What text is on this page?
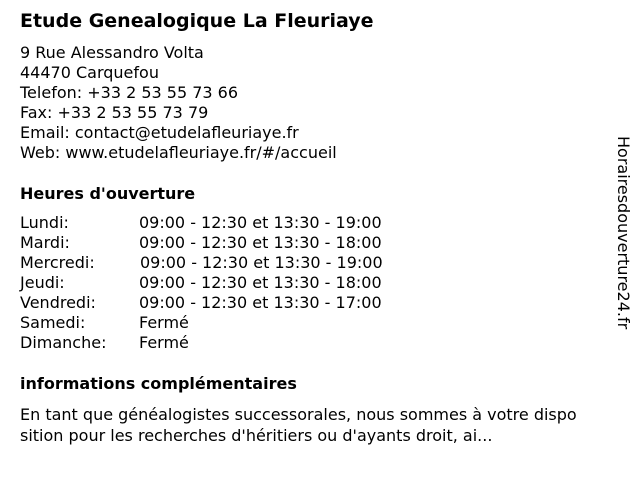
Etude Genealogique La Fleuriaye
9 Rue Alessandro Volta
44470 Carquefou
Telefon: +33 2 53 55 73 66
Fax: +33 2 53 55 73 79
Email: contact@etudelafleuriaye.fr
Web: www.etudelafleuriaye.fr/#/accueil
Heures d'ouverture
Lundi:	09:00 - 12:30 et 13:30 - 19:00
Mardi:	09:00 - 12:30 et 13:30 - 18:00
Mercredi:	09:00 - 12:30 et 13:30 - 19:00
Jeudi:	09:00 - 12:30 et 13:30 - 18:00
Vendredi:	09:00 - 12:30 et 13:30 - 17:00
Samedi:	Fermé
Dimanche: Fermé
informations complémentaires
En tant que généalogistes successorales, nous sommes à votre dispo
sition pour les recherches d'héritiers ou d'ayants droit, ai...
Horairesdouverture24.fr
